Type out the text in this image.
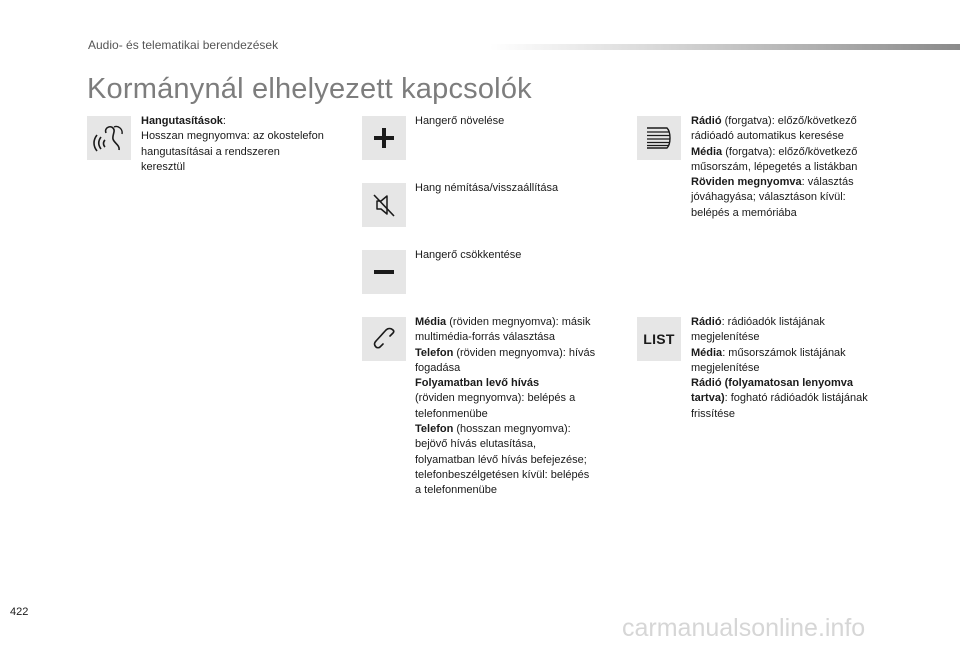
Audio- és telematikai berendezések
Kormánynál elhelyezett kapcsolók
Hangutasítások:
Hosszan megnyomva: az okostelefon
hangutasításai a rendszeren
keresztül
Hangerő növelése
Hang némítása/visszaállítása
Hangerő csökkentése
Média (röviden megnyomva): másik
multimédia-forrás választása
Telefon (röviden megnyomva): hívás
fogadása
Folyamatban levő hívás
(röviden megnyomva): belépés a
telefonmenübe
Telefon (hosszan megnyomva):
bejövő hívás elutasítása,
folyamatban lévő hívás befejezése;
telefonbeszélgetésen kívül: belépés
a telefonmenübe
Rádió (forgatva): előző/következő
rádióadó automatikus keresése
Média (forgatva): előző/következő
műsorszám, lépegetés a listákban
Röviden megnyomva: választás
jóváhagyása; választáson kívül:
belépés a memóriába
LIST
Rádió: rádióadók listájának
megjelenítése
Média: műsorszámok listájának
megjelenítése
Rádió (folyamatosan lenyomva
tartva): fogható rádióadók listájának
frissítése
422
carmanualsonline.info
